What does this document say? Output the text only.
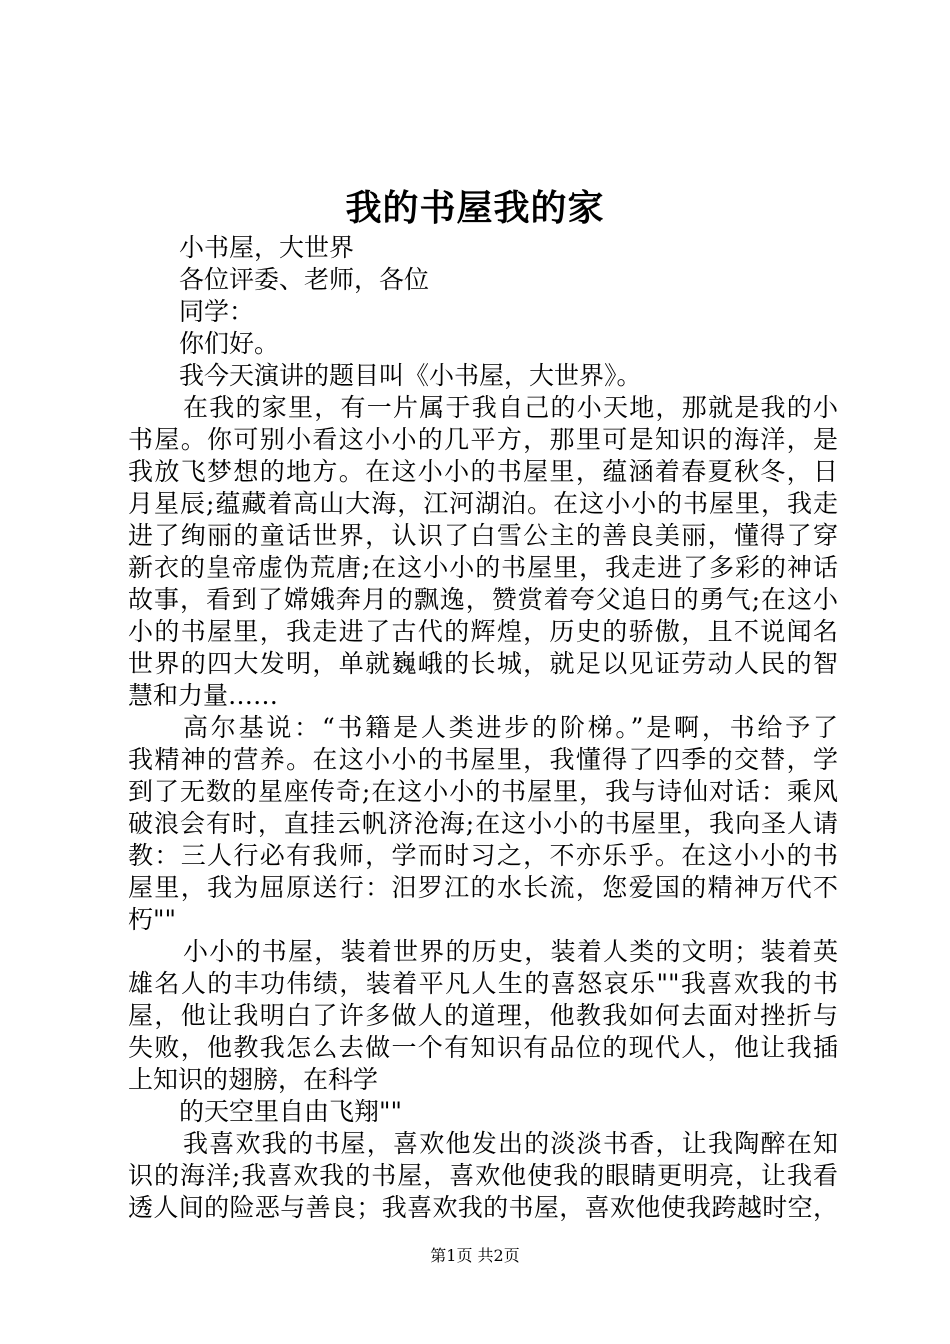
我的书屋我的家
小书屋，大世界
各位评委、老师，各位
同学：
你们好。
我今天演讲的题目叫《小书屋，大世界》。
在我的家里，有一片属于我自己的小天地，那就是我的小
书屋。你可别小看这小小的几平方，那里可是知识的海洋，是
我放飞梦想的地方。在这小小的书屋里，蕴涵着春夏秋冬，日
月星辰;蕴藏着高山大海，江河湖泊。在这小小的书屋里，我走
进了绚丽的童话世界，认识了白雪公主的善良美丽，懂得了穿
新衣的皇帝虚伪荒唐;在这小小的书屋里，我走进了多彩的神话
故事，看到了嫦娥奔月的飘逸，赞赏着夸父追日的勇气;在这小
小的书屋里，我走进了古代的辉煌，历史的骄傲，且不说闻名
世界的四大发明，单就巍峨的长城，就足以见证劳动人民的智
慧和力量……
高尔基说：“书籍是人类进步的阶梯。”是啊，书给予了
我精神的营养。在这小小的书屋里，我懂得了四季的交替，学
到了无数的星座传奇;在这小小的书屋里，我与诗仙对话：乘风
破浪会有时，直挂云帆济沧海;在这小小的书屋里，我向圣人请
教：三人行必有我师，学而时习之，不亦乐乎。在这小小的书
屋里，我为屈原送行：汨罗江的水长流，您爱国的精神万代不
朽""
小小的书屋，装着世界的历史，装着人类的文明；装着英
雄名人的丰功伟绩，装着平凡人生的喜怒哀乐""我喜欢我的书
屋，他让我明白了许多做人的道理，他教我如何去面对挫折与
失败，他教我怎么去做一个有知识有品位的现代人，他让我插
上知识的翅膀，在科学
的天空里自由飞翔""
我喜欢我的书屋，喜欢他发出的淡淡书香，让我陶醉在知
识的海洋;我喜欢我的书屋，喜欢他使我的眼睛更明亮，让我看
透人间的险恶与善良；我喜欢我的书屋，喜欢他使我跨越时空，
第1页 共2页
